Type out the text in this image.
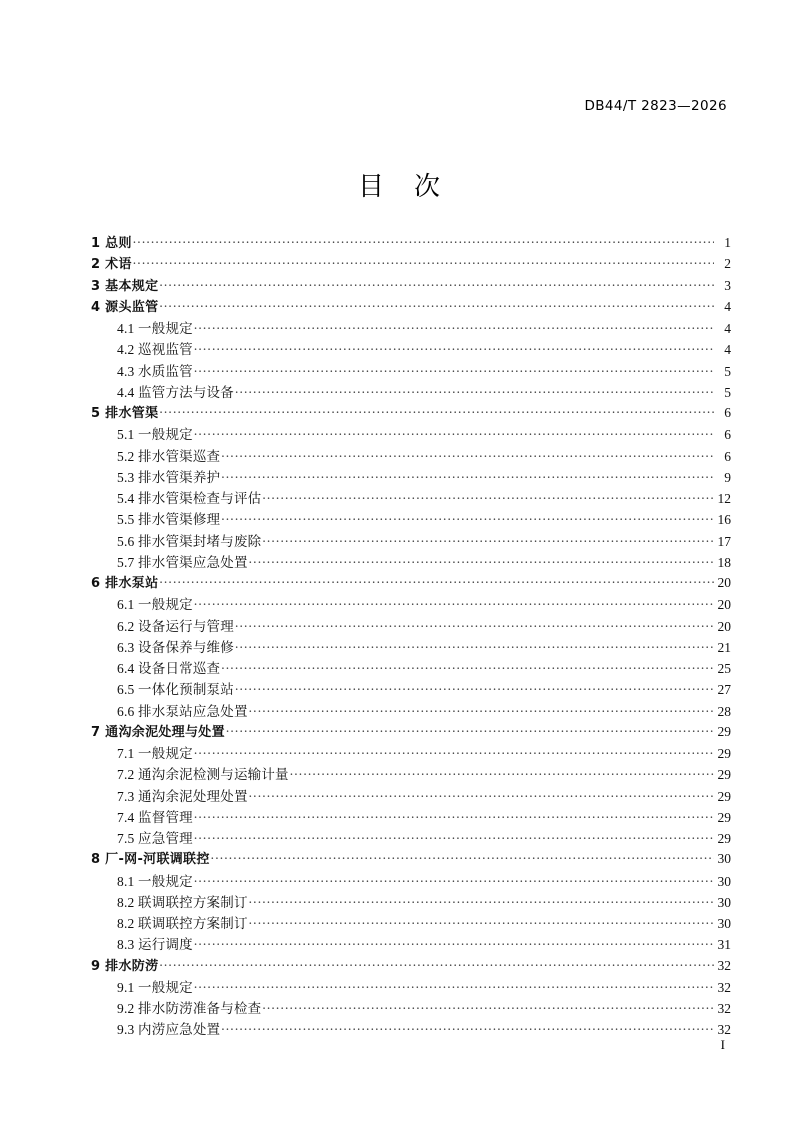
DB44/T 2823—2026
目　次
1 总则 .....	1
2 术语 .....	2
3 基本规定 .....	3
4 源头监管 .....	4
4.1 一般规定 .....	4
4.2 巡视监管 .....	4
4.3 水质监管 .....	5
4.4 监管方法与设备 .....	5
5 排水管渠 .....	6
5.1 一般规定 .....	6
5.2 排水管渠巡查 .....	6
5.3 排水管渠养护 .....	9
5.4 排水管渠检查与评估 .....	12
5.5 排水管渠修理 .....	16
5.6 排水管渠封堵与废除 .....	17
5.7 排水管渠应急处置 .....	18
6 排水泵站 .....	20
6.1 一般规定 .....	20
6.2 设备运行与管理 .....	20
6.3 设备保养与维修 .....	21
6.4 设备日常巡查 .....	25
6.5 一体化预制泵站 .....	27
6.6 排水泵站应急处置 .....	28
7 通沟余泥处理与处置 .....	29
7.1 一般规定 .....	29
7.2 通沟余泥检测与运输计量 .....	29
7.3 通沟余泥处理处置 .....	29
7.4 监督管理 .....	29
7.5 应急管理 .....	29
8 厂-网-河联调联控 .....	30
8.1 一般规定 .....	30
8.2 联调联控方案制订 .....	30
8.2 联调联控方案制订 .....	30
8.3 运行调度 .....	31
9 排水防涝 .....	32
9.1 一般规定 .....	32
9.2 排水防涝准备与检查 .....	32
9.3 内涝应急处置 .....	32
I
